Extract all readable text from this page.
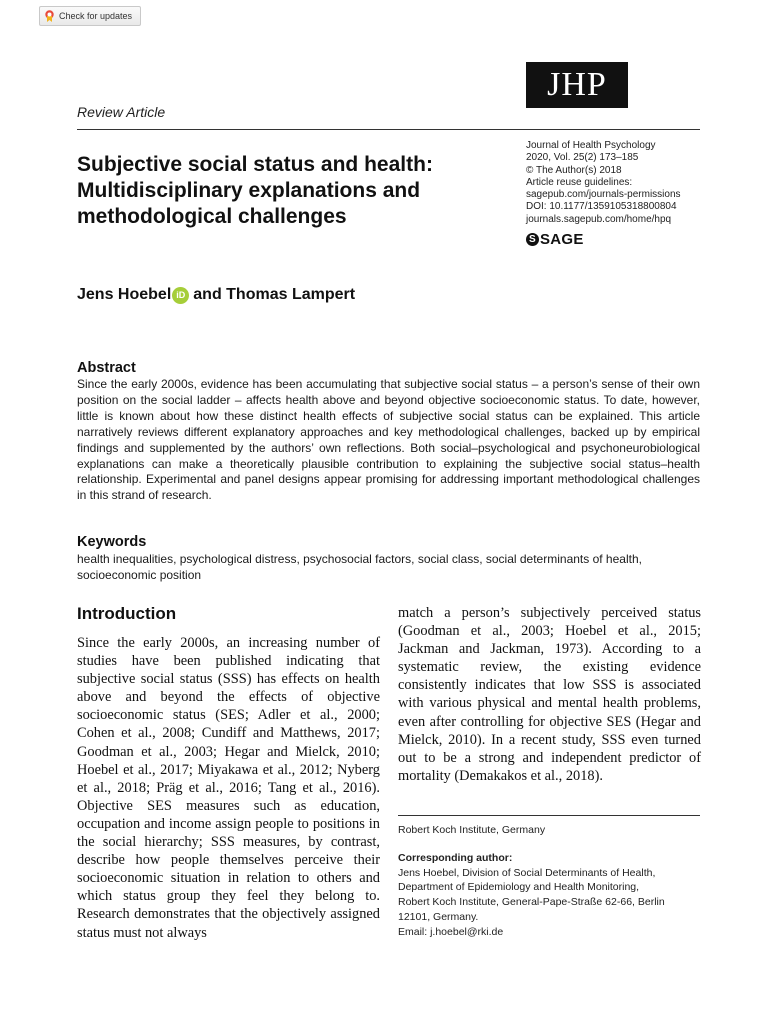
Check for updates
Review Article
JHP
Journal of Health Psychology
2020, Vol. 25(2) 173–185
© The Author(s) 2018
Article reuse guidelines:
sagepub.com/journals-permissions
DOI: 10.1177/1359105318800804
journals.sagepub.com/home/hpq
S SAGE
Subjective social status and health:
Multidisciplinary explanations and
methodological challenges
Jens Hoebel iD and Thomas Lampert
Abstract
Since the early 2000s, evidence has been accumulating that subjective social status – a person’s sense of their own position on the social ladder – affects health above and beyond objective socioeconomic status. To date, however, little is known about how these distinct health effects of subjective social status can be explained. This article narratively reviews different explanatory approaches and key methodological challenges, backed up by empirical findings and supplemented by the authors’ own reflections. Both social–psychological and psychoneurobiological explanations can make a theoretically plausible contribution to explaining the subjective social status–health relationship. Experimental and panel designs appear promising for addressing important methodological challenges in this strand of research.
Keywords
health inequalities, psychological distress, psychosocial factors, social class, social determinants of health, socioeconomic position
Introduction
Since the early 2000s, an increasing number of studies have been published indicating that subjective social status (SSS) has effects on health above and beyond the effects of objective socioeconomic status (SES; Adler et al., 2000; Cohen et al., 2008; Cundiff and Matthews, 2017; Goodman et al., 2003; Hegar and Mielck, 2010; Hoebel et al., 2017; Miyakawa et al., 2012; Nyberg et al., 2018; Präg et al., 2016; Tang et al., 2016). Objective SES measures such as education, occupation and income assign people to positions in the social hierarchy; SSS measures, by contrast, describe how people themselves perceive their socioeconomic situation in relation to others and which status group they feel they belong to. Research demonstrates that the objectively assigned status must not always
match a person’s subjectively perceived status (Goodman et al., 2003; Hoebel et al., 2015; Jackman and Jackman, 1973). According to a systematic review, the existing evidence consistently indicates that low SSS is associated with various physical and mental health problems, even after controlling for objective SES (Hegar and Mielck, 2010). In a recent study, SSS even turned out to be a strong and independent predictor of mortality (Demakakos et al., 2018).
Robert Koch Institute, Germany
Corresponding author:
Jens Hoebel, Division of Social Determinants of Health,
Department of Epidemiology and Health Monitoring,
Robert Koch Institute, General-Pape-Straße 62-66, Berlin
12101, Germany.
Email: j.hoebel@rki.de
